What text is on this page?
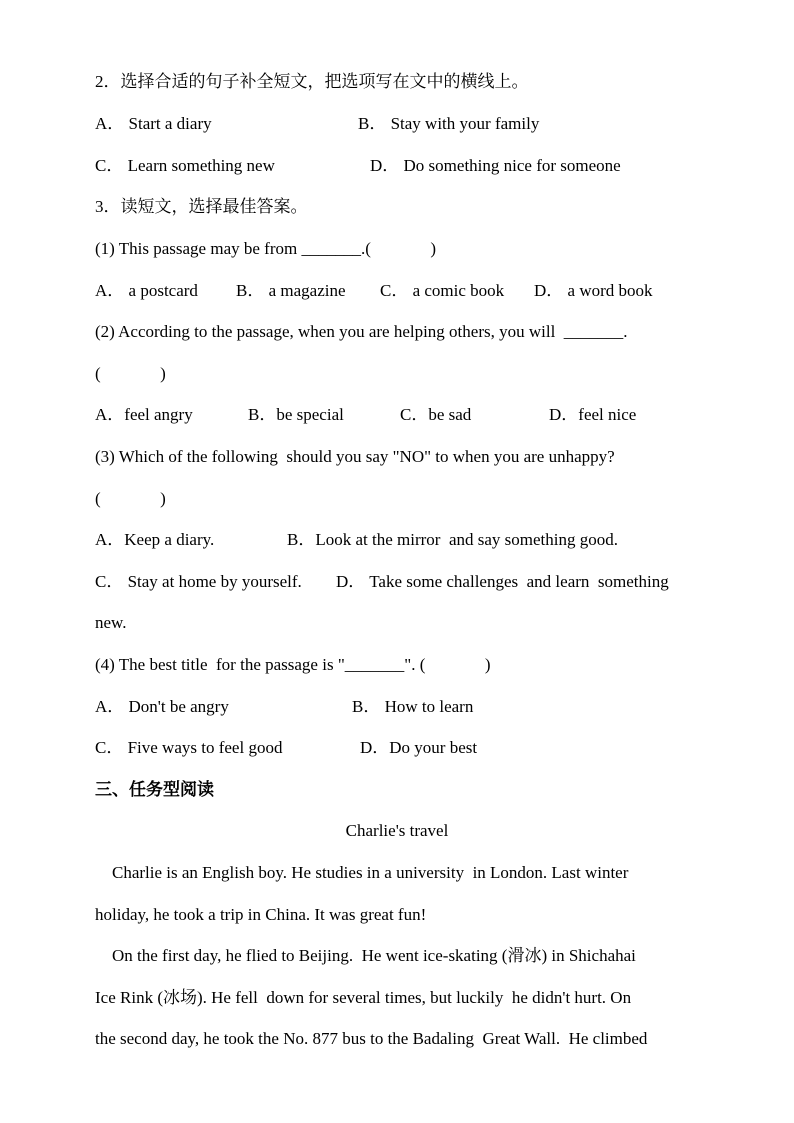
2．选择合适的句子补全短文，把选项写在文中的横线上。
A． Start a diary	B． Stay with your family
C． Learn something new	D． Do something nice for someone
3．读短文，选择最佳答案。
(1) This passage may be from _______.(              )
A． a postcard B． a magazine C． a comic book D． a word book
(2) According to the passage, when you are helping others, you will  _______.
(              )
A．feel angry	B．be special	C．be sad	D．feel nice
(3) Which of the following  should you say "NO" to when you are unhappy?
(              )
A．Keep a diary.	B．Look at the mirror  and say something good.
C． Stay at home by yourself. D． Take some challenges  and learn  something
new.
(4) The best title  for the passage is "_______". (              )
A． Don't be angry	B． How to learn
C． Five ways to feel good	D．Do your best
三、任务型阅读
Charlie's travel
Charlie is an English boy. He studies in a university  in London. Last winter
holiday, he took a trip in China. It was great fun!
On the first day, he flied to Beijing.  He went ice-skating (滑冰) in Shichahai
Ice Rink (冰场). He fell  down for several times, but luckily  he didn't hurt. On
the second day, he took the No. 877 bus to the Badaling  Great Wall.  He climbed
